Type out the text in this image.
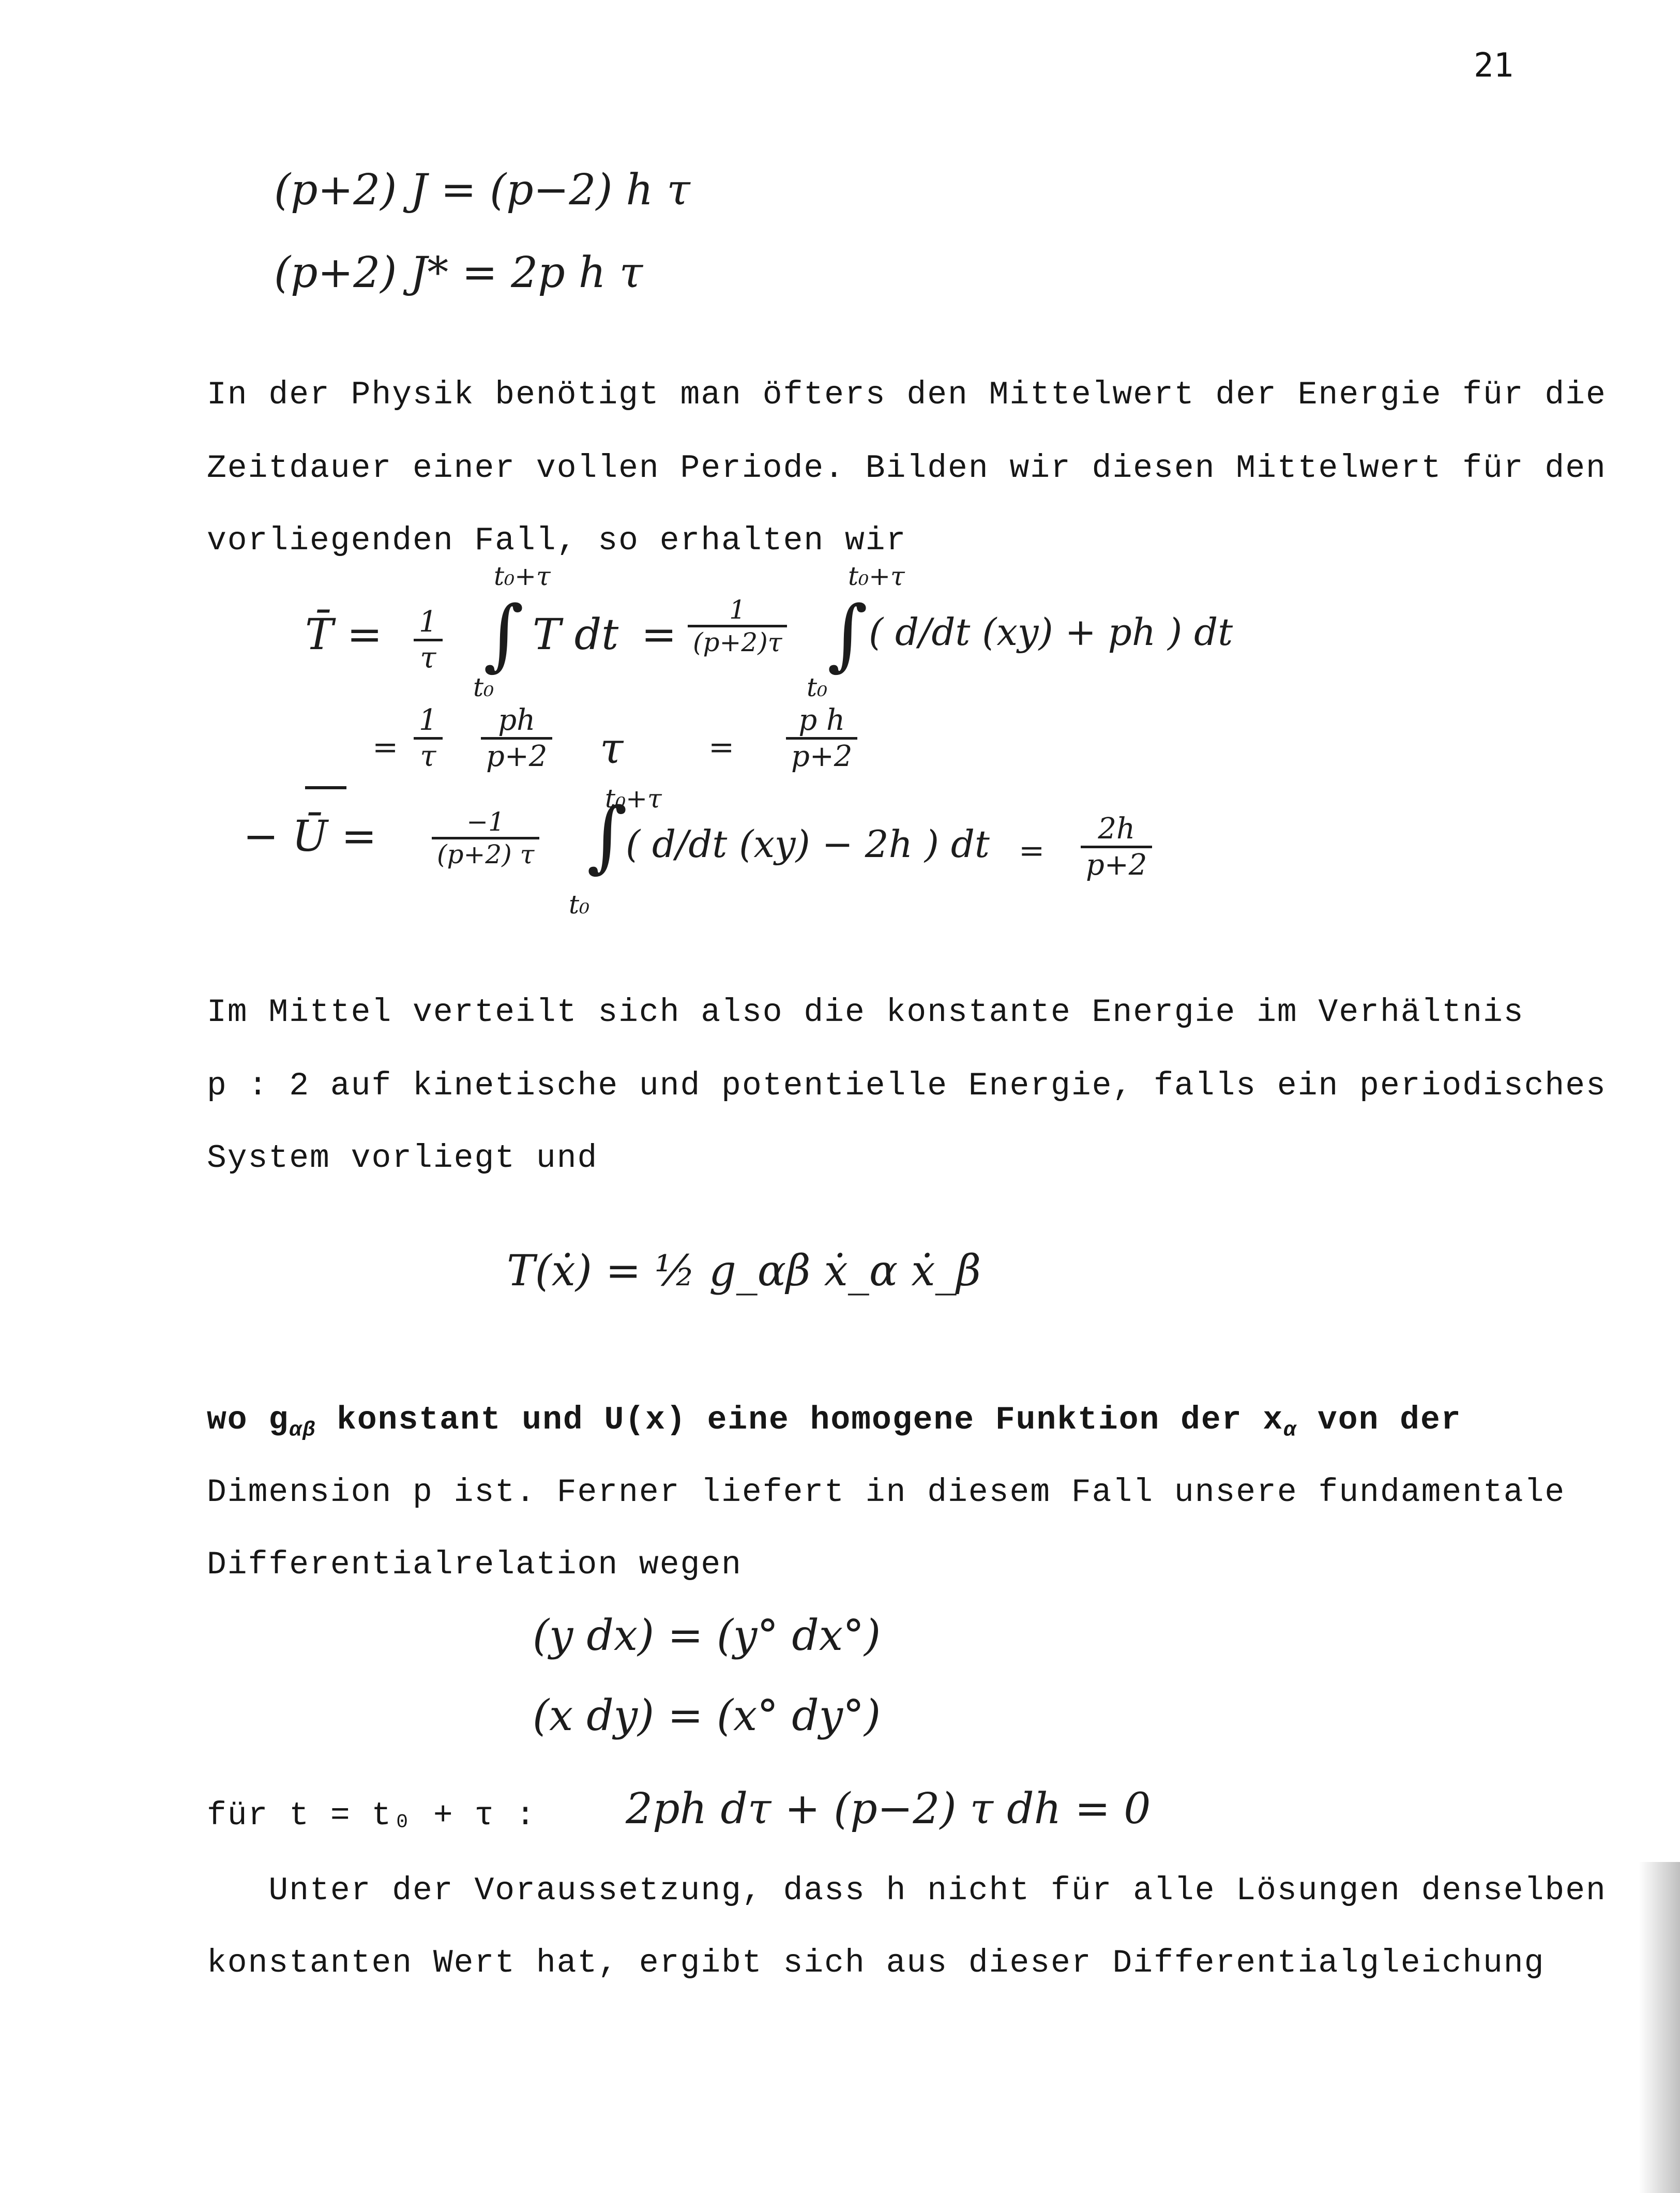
21
(p+2) J = (p−2) h τ
(p+2) J* = 2p h τ
In der Physik benötigt man öfters den Mittelwert der Energie für die
Zeitdauer einer vollen Periode. Bilden wir diesen Mittelwert für den
vorliegenden Fall, so erhalten wir
T̄ = $\frac{1}{\tau}$ ∫
t₀+τ
t₀
T dt = $\frac{1}{(p+2)\tau}$ ∫
t₀+τ
t₀
( d/dt (xy) + ph ) dt
= $\frac{1}{\tau} \frac{ph}{p+2}$ τ	= $\frac{\text{p h}}{p+2}$
− Ū = $\frac{-1}{(p+2) \tau}$ ∫
t₀+τ
t₀
( d/dt (xy) − 2h ) dt = $\frac{2h}{p+2}$
Im Mittel verteilt sich also die konstante Energie im Verhältnis
p : 2 auf kinetische und potentielle Energie, falls ein periodisches
System vorliegt und
T(ẋ) = ½ g_αβ ẋ_α ẋ_β
wo $g_{\alpha\beta}$ konstant und U(x) eine homogene Funktion der $x_\alpha$ von der
Dimension p ist. Ferner liefert in diesem Fall unsere fundamentale
Differentialrelation wegen
(y dx) = (y° dx°)
(x dy) = (x° dy°)
für t = t₀ + τ : 2ph dτ + (p−2) τ dh = 0
Unter der Voraussetzung, dass h nicht für alle Lösungen denselben
konstanten Wert hat, ergibt sich aus dieser Differentialgleichung
